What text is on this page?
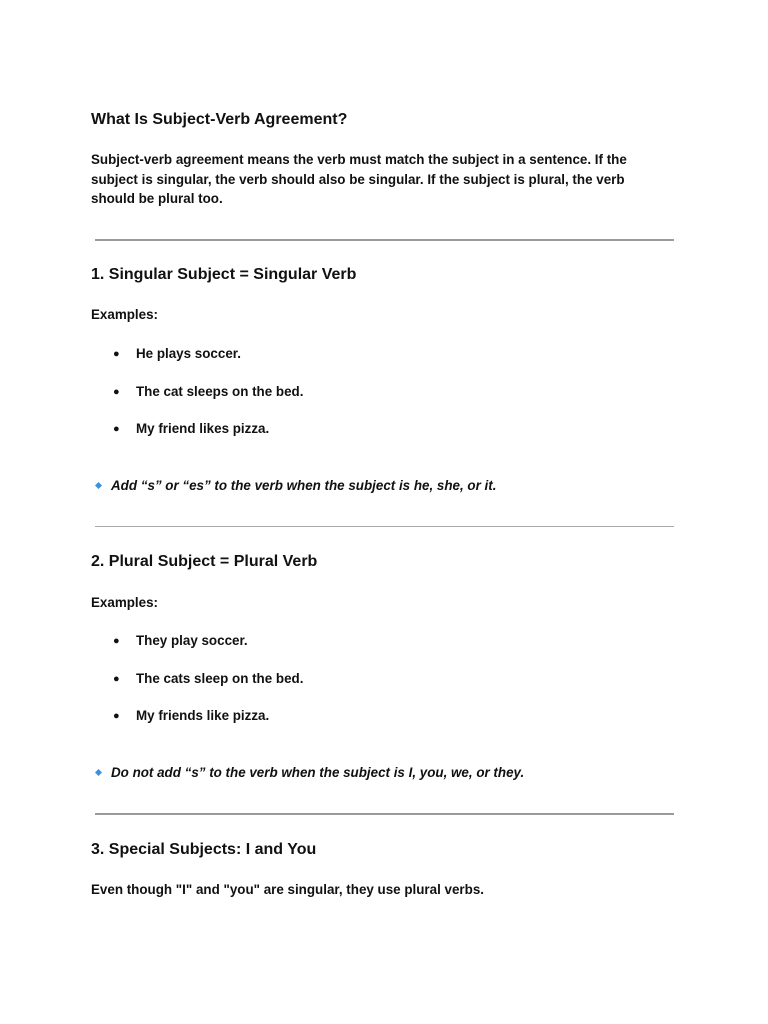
What Is Subject-Verb Agreement?

Subject-verb agreement means the verb must match the subject in a sentence. If the subject is singular, the verb should also be singular. If the subject is plural, the verb should be plural too.

1. Singular Subject = Singular Verb

Examples:

● He plays soccer.
● The cat sleeps on the bed.
● My friend likes pizza.

Add “s” or “es” to the verb when the subject is he, she, or it.

2. Plural Subject = Plural Verb

Examples:

● They play soccer.
● The cats sleep on the bed.
● My friends like pizza.

Do not add “s” to the verb when the subject is I, you, we, or they.

3. Special Subjects: I and You

Even though "I" and "you" are singular, they use plural verbs.
